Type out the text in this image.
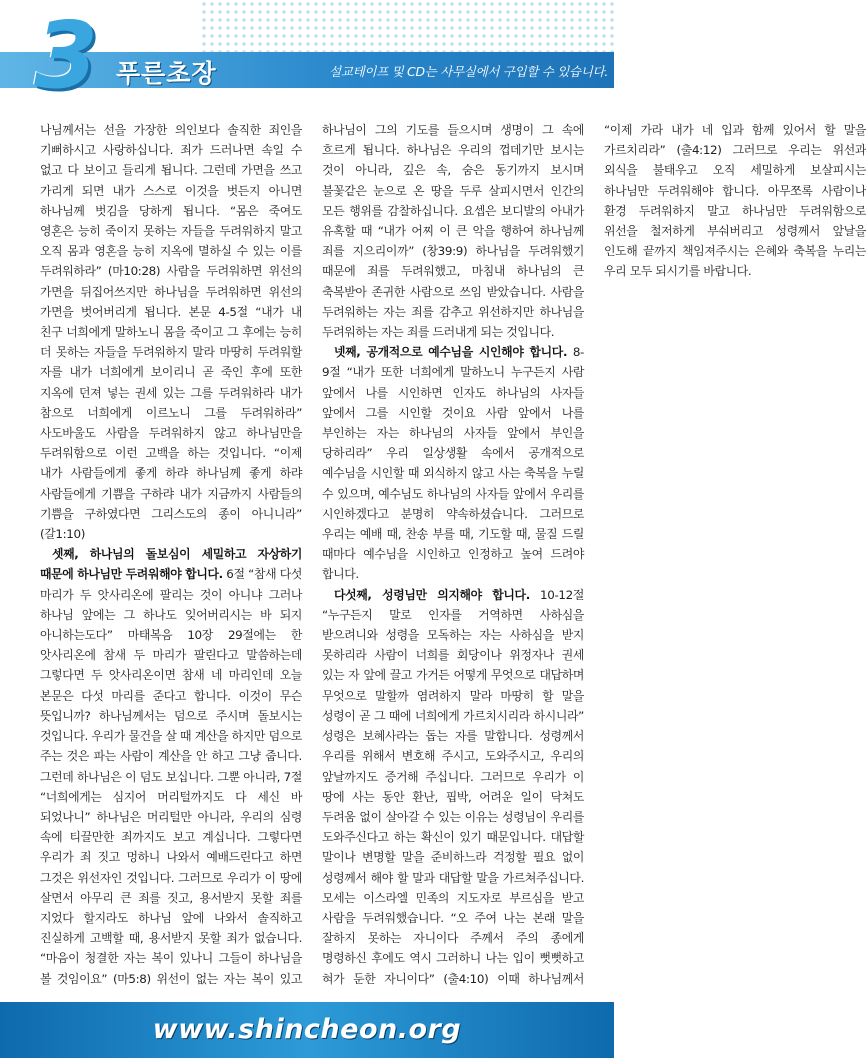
3 푸른초장	설교테이프 및 CD는 사무실에서 구입할 수 있습니다.

나님께서는 선을 가장한 의인보다 솔직한 죄인을 기뻐하시고 사랑하십니다. 죄가 드러나면 속일 수 없고 다 보이고 들리게 됩니다. 그런데 가면을 쓰고 가리게 되면 내가 스스로 이것을 벗든지 아니면 하나님께 벗김을 당하게 됩니다. “몸은 죽여도 영혼은 능히 죽이지 못하는 자들을 두려워하지 말고 오직 몸과 영혼을 능히 지옥에 멸하실 수 있는 이를 두려워하라” (마10:28) 사람을 두려워하면 위선의 가면을 뒤집어쓰지만 하나님을 두려워하면 위선의 가면을 벗어버리게 됩니다. 본문 4-5절 “내가 내 친구 너희에게 말하노니 몸을 죽이고 그 후에는 능히 더 못하는 자들을 두려워하지 말라 마땅히 두려워할 자를 내가 너희에게 보이리니 곧 죽인 후에 또한 지옥에 던져 넣는 권세 있는 그를 두려워하라 내가 참으로 너희에게 이르노니 그를 두려워하라” 사도바울도 사람을 두려워하지 않고 하나님만을 두려워함으로 이런 고백을 하는 것입니다. “이제 내가 사람들에게 좋게 하랴 하나님께 좋게 하랴 사람들에게 기쁨을 구하랴 내가 지금까지 사람들의 기쁨을 구하였다면 그리스도의 종이 아니니라” (갈1:10)

셋째, 하나님의 돌보심이 세밀하고 자상하기 때문에 하나님만 두려워해야 합니다. 6절 “참새 다섯 마리가 두 앗사리온에 팔리는 것이 아니냐 그러나 하나님 앞에는 그 하나도 잊어버리시는 바 되지 아니하는도다” 마태복음 10장 29절에는 한 앗사리온에 참새 두 마리가 팔린다고 말씀하는데 그렇다면 두 앗사리온이면 참새 네 마리인데 오늘 본문은 다섯 마리를 준다고 합니다. 이것이 무슨 뜻입니까? 하나님께서는 덤으로 주시며 돌보시는 것입니다. 우리가 물건을 살 때 계산을 하지만 덤으로 주는 것은 파는 사람이 계산을 안 하고 그냥 줍니다. 그런데 하나님은 이 덤도 보십니다. 그뿐 아니라, 7절 “너희에게는 심지어 머리털까지도 다 세신 바 되었나니” 하나님은 머리털만 아니라, 우리의 심령 속에 티끌만한 죄까지도 보고 계십니다. 그렇다면 우리가 죄 짓고 멍하니 나와서 예배드린다고 하면 그것은 위선자인 것입니다. 그러므로 우리가 이 땅에 살면서 아무리 큰 죄를 짓고, 용서받지 못할 죄를 지었다 할지라도 하나님 앞에 나와서 솔직하고 진실하게 고백할 때, 용서받지 못할 죄가 없습니다. “마음이 청결한 자는 복이 있나니 그들이 하나님을 볼 것임이요” (마5:8) 위선이 없는 자는 복이 있고 하나님이 그의 기도를 들으시며 생명이 그 속에 흐르게 됩니다. 하나님은 우리의 껍데기만 보시는 것이 아니라, 깊은 속, 숨은 동기까지 보시며 불꽃같은 눈으로 온 땅을 두루 살피시면서 인간의 모든 행위를 감찰하십니다. 요셉은 보디발의 아내가 유혹할 때 “내가 어찌 이 큰 악을 행하여 하나님께 죄를 지으리이까” (창39:9) 하나님을 두려워했기 때문에 죄를 두려워했고, 마침내 하나님의 큰 축복받아 존귀한 사람으로 쓰임 받았습니다. 사람을 두려워하는 자는 죄를 감추고 위선하지만 하나님을 두려워하는 자는 죄를 드러내게 되는 것입니다.

넷째, 공개적으로 예수님을 시인해야 합니다. 8-9절 “내가 또한 너희에게 말하노니 누구든지 사람 앞에서 나를 시인하면 인자도 하나님의 사자들 앞에서 그를 시인할 것이요 사람 앞에서 나를 부인하는 자는 하나님의 사자들 앞에서 부인을 당하리라” 우리 일상생활 속에서 공개적으로 예수님을 시인할 때 외식하지 않고 사는 축복을 누릴 수 있으며, 예수님도 하나님의 사자들 앞에서 우리를 시인하겠다고 분명히 약속하셨습니다. 그러므로 우리는 예배 때, 찬송 부를 때, 기도할 때, 물질 드릴 때마다 예수님을 시인하고 인정하고 높여 드려야 합니다.

다섯째, 성령님만 의지해야 합니다. 10-12절 “누구든지 말로 인자를 거역하면 사하심을 받으려니와 성령을 모독하는 자는 사하심을 받지 못하리라 사람이 너희를 회당이나 위정자나 권세 있는 자 앞에 끌고 가거든 어떻게 무엇으로 대답하며 무엇으로 말할까 염려하지 말라 마땅히 할 말을 성령이 곧 그 때에 너희에게 가르치시리라 하시니라” 성령은 보혜사라는 돕는 자를 말합니다. 성령께서 우리를 위해서 변호해 주시고, 도와주시고, 우리의 앞날까지도 증거해 주십니다. 그러므로 우리가 이 땅에 사는 동안 환난, 핍박, 어려운 일이 닥쳐도 두려움 없이 살아갈 수 있는 이유는 성령님이 우리를 도와주신다고 하는 확신이 있기 때문입니다. 대답할 말이나 변명할 말을 준비하느라 걱정할 필요 없이 성령께서 해야 할 말과 대답할 말을 가르쳐주십니다. 모세는 이스라엘 민족의 지도자로 부르심을 받고 사람을 두려워했습니다. “오 주여 나는 본래 말을 잘하지 못하는 자니이다 주께서 주의 종에게 명령하신 후에도 역시 그러하니 나는 입이 뻣뻣하고 혀가 둔한 자니이다” (출4:10) 이때 하나님께서 “이제 가라 내가 네 입과 함께 있어서 할 말을 가르치리라” (출4:12) 그러므로 우리는 위선과 외식을 불태우고 오직 세밀하게 보살피시는 하나님만 두려워해야 합니다. 아무쪼록 사람이나 환경 두려워하지 말고 하나님만 두려워함으로 위선을 철저하게 부숴버리고 성령께서 앞날을 인도해 끝까지 책임져주시는 은혜와 축복을 누리는 우리 모두 되시기를 바랍니다.

www.shincheon.org
